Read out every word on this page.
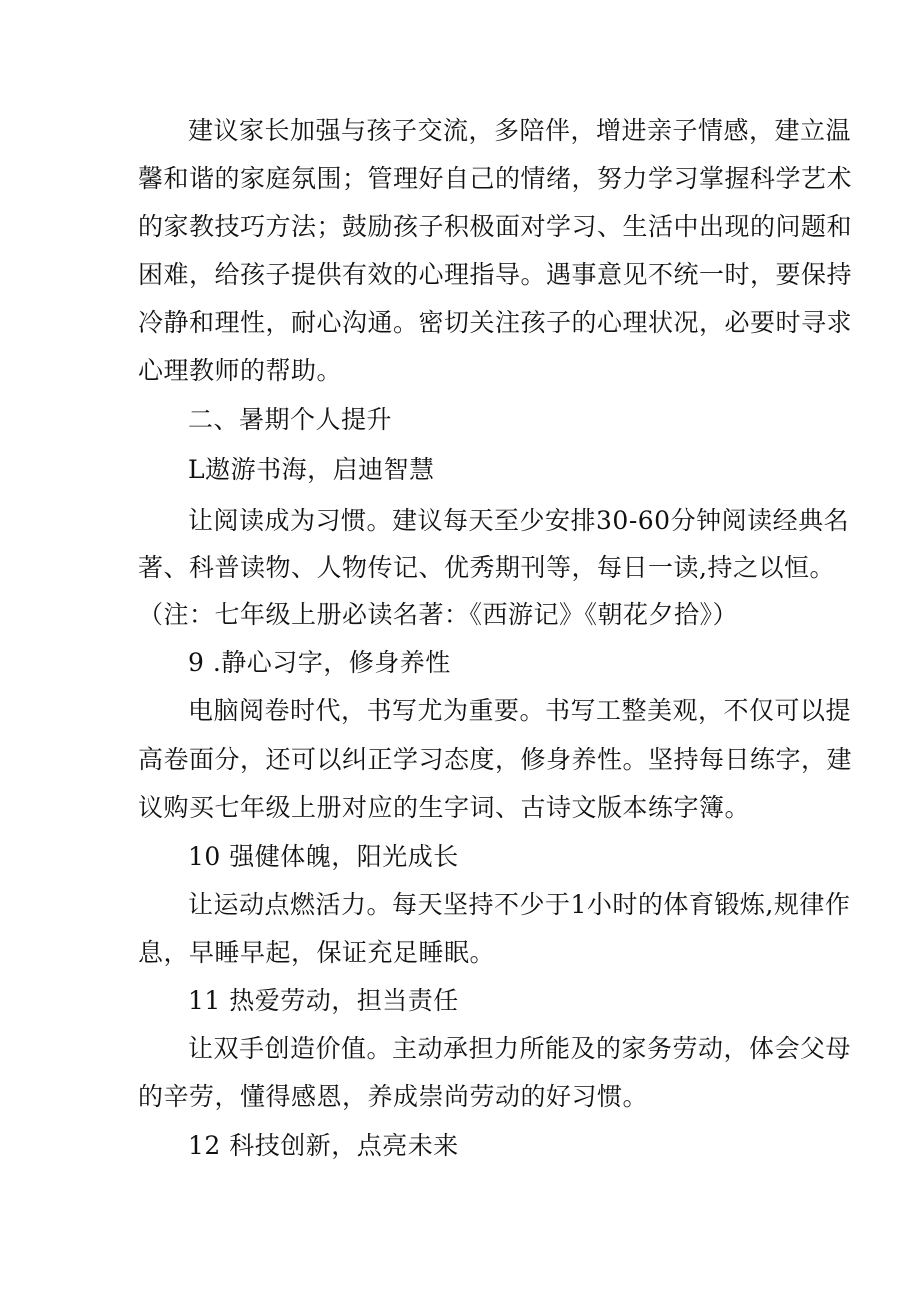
建议家长加强与孩子交流，多陪伴，增进亲子情感，建立温
馨和谐的家庭氛围；管理好自己的情绪，努力学习掌握科学艺术
的家教技巧方法；鼓励孩子积极面对学习、生活中出现的问题和
困难，给孩子提供有效的心理指导。遇事意见不统一时，要保持
冷静和理性，耐心沟通。密切关注孩子的心理状况，必要时寻求
心理教师的帮助。
二、暑期个人提升
L遨游书海，启迪智慧
让阅读成为习惯。建议每天至少安排30-60分钟阅读经典名
著、科普读物、人物传记、优秀期刊等，每日一读,持之以恒。
（注：七年级上册必读名著：《西游记》《朝花夕拾》）
9 .静心习字，修身养性
电脑阅卷时代，书写尤为重要。书写工整美观，不仅可以提
高卷面分，还可以纠正学习态度，修身养性。坚持每日练字，建
议购买七年级上册对应的生字词、古诗文版本练字簿。
10 强健体魄，阳光成长
让运动点燃活力。每天坚持不少于1小时的体育锻炼,规律作
息，早睡早起，保证充足睡眠。
11 热爱劳动，担当责任
让双手创造价值。主动承担力所能及的家务劳动，体会父母
的辛劳，懂得感恩，养成崇尚劳动的好习惯。
12 科技创新，点亮未来
